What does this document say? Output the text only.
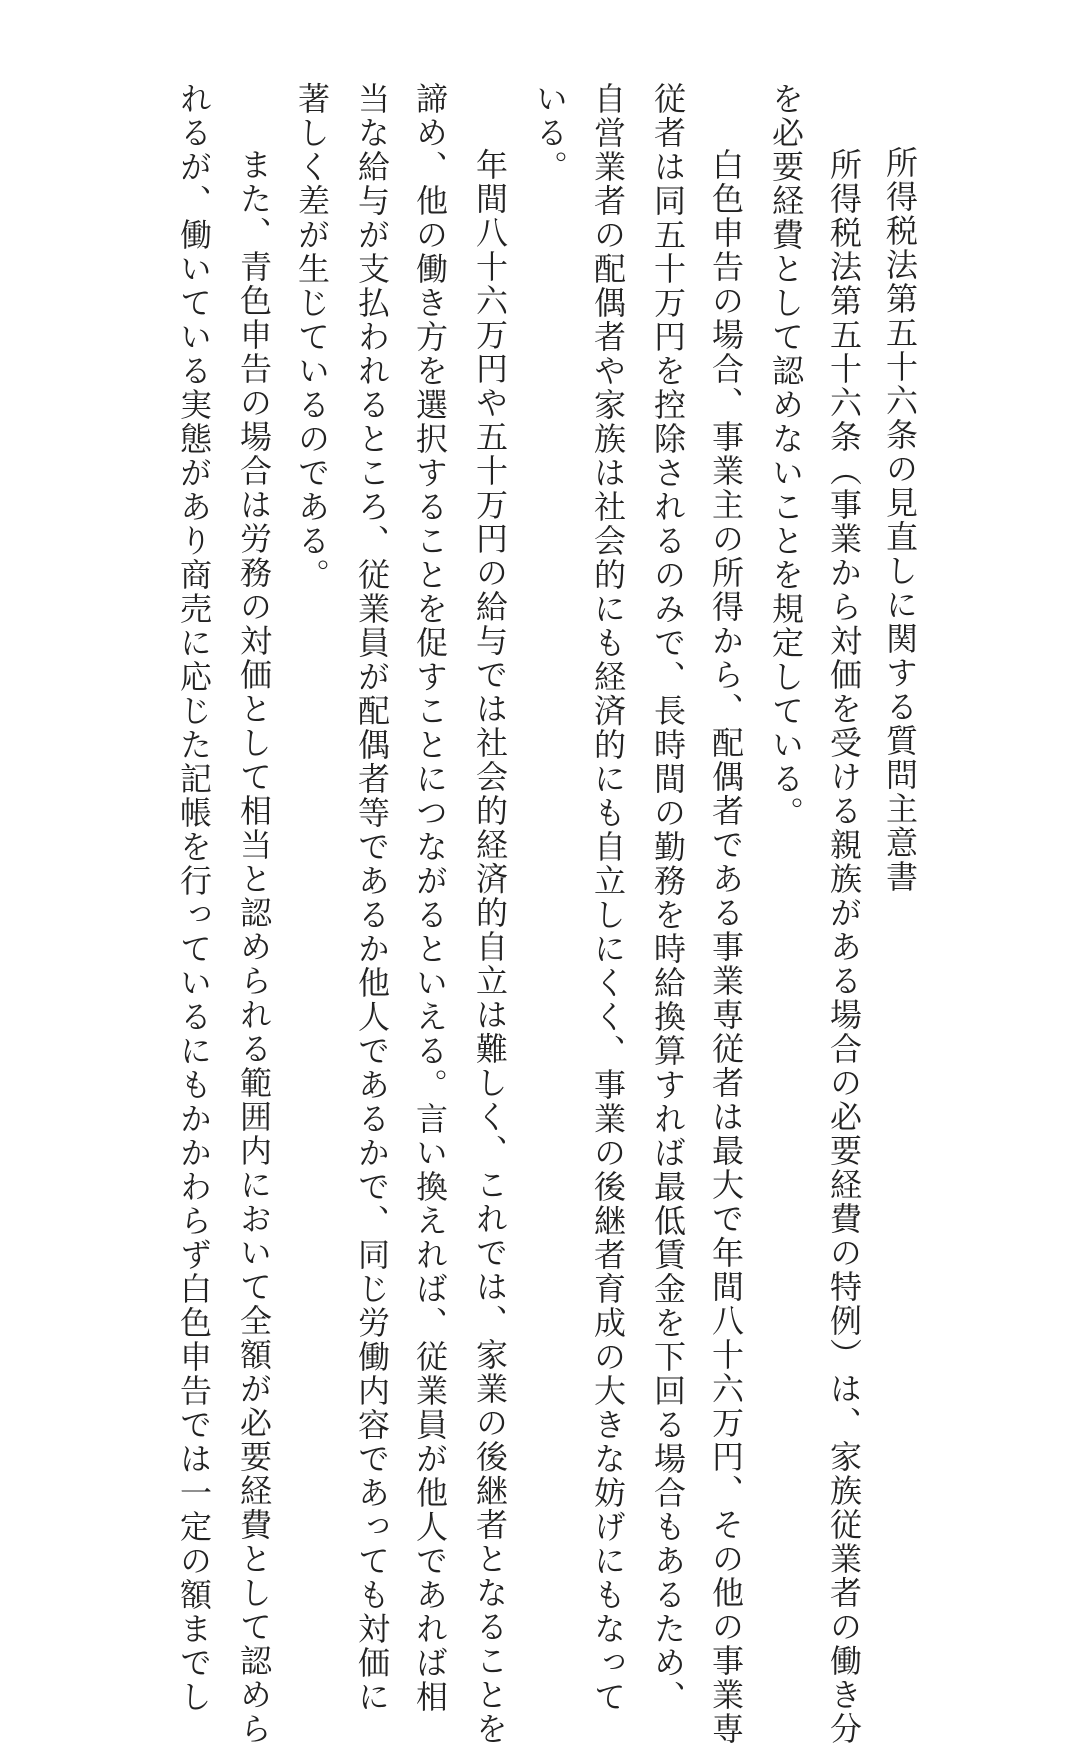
所得税法第五十六条の見直しに関する質問主意書
所得税法第五十六条（事業から対価を受ける親族がある場合の必要経費の特例）は、家族従業者の働き分
を必要経費として認めないことを規定している。
白色申告の場合、事業主の所得から、配偶者である事業専従者は最大で年間八十六万円、その他の事業専
従者は同五十万円を控除されるのみで、長時間の勤務を時給換算すれば最低賃金を下回る場合もあるため、
自営業者の配偶者や家族は社会的にも経済的にも自立しにくく、事業の後継者育成の大きな妨げにもなって
いる。
年間八十六万円や五十万円の給与では社会的経済的自立は難しく、これでは、家業の後継者となることを
諦め、他の働き方を選択することを促すことにつながるといえる。言い換えれば、従業員が他人であれば相
当な給与が支払われるところ、従業員が配偶者等であるか他人であるかで、同じ労働内容であっても対価に
著しく差が生じているのである。
また、青色申告の場合は労務の対価として相当と認められる範囲内において全額が必要経費として認めら
れるが、働いている実態があり商売に応じた記帳を行っているにもかかわらず白色申告では一定の額までし
